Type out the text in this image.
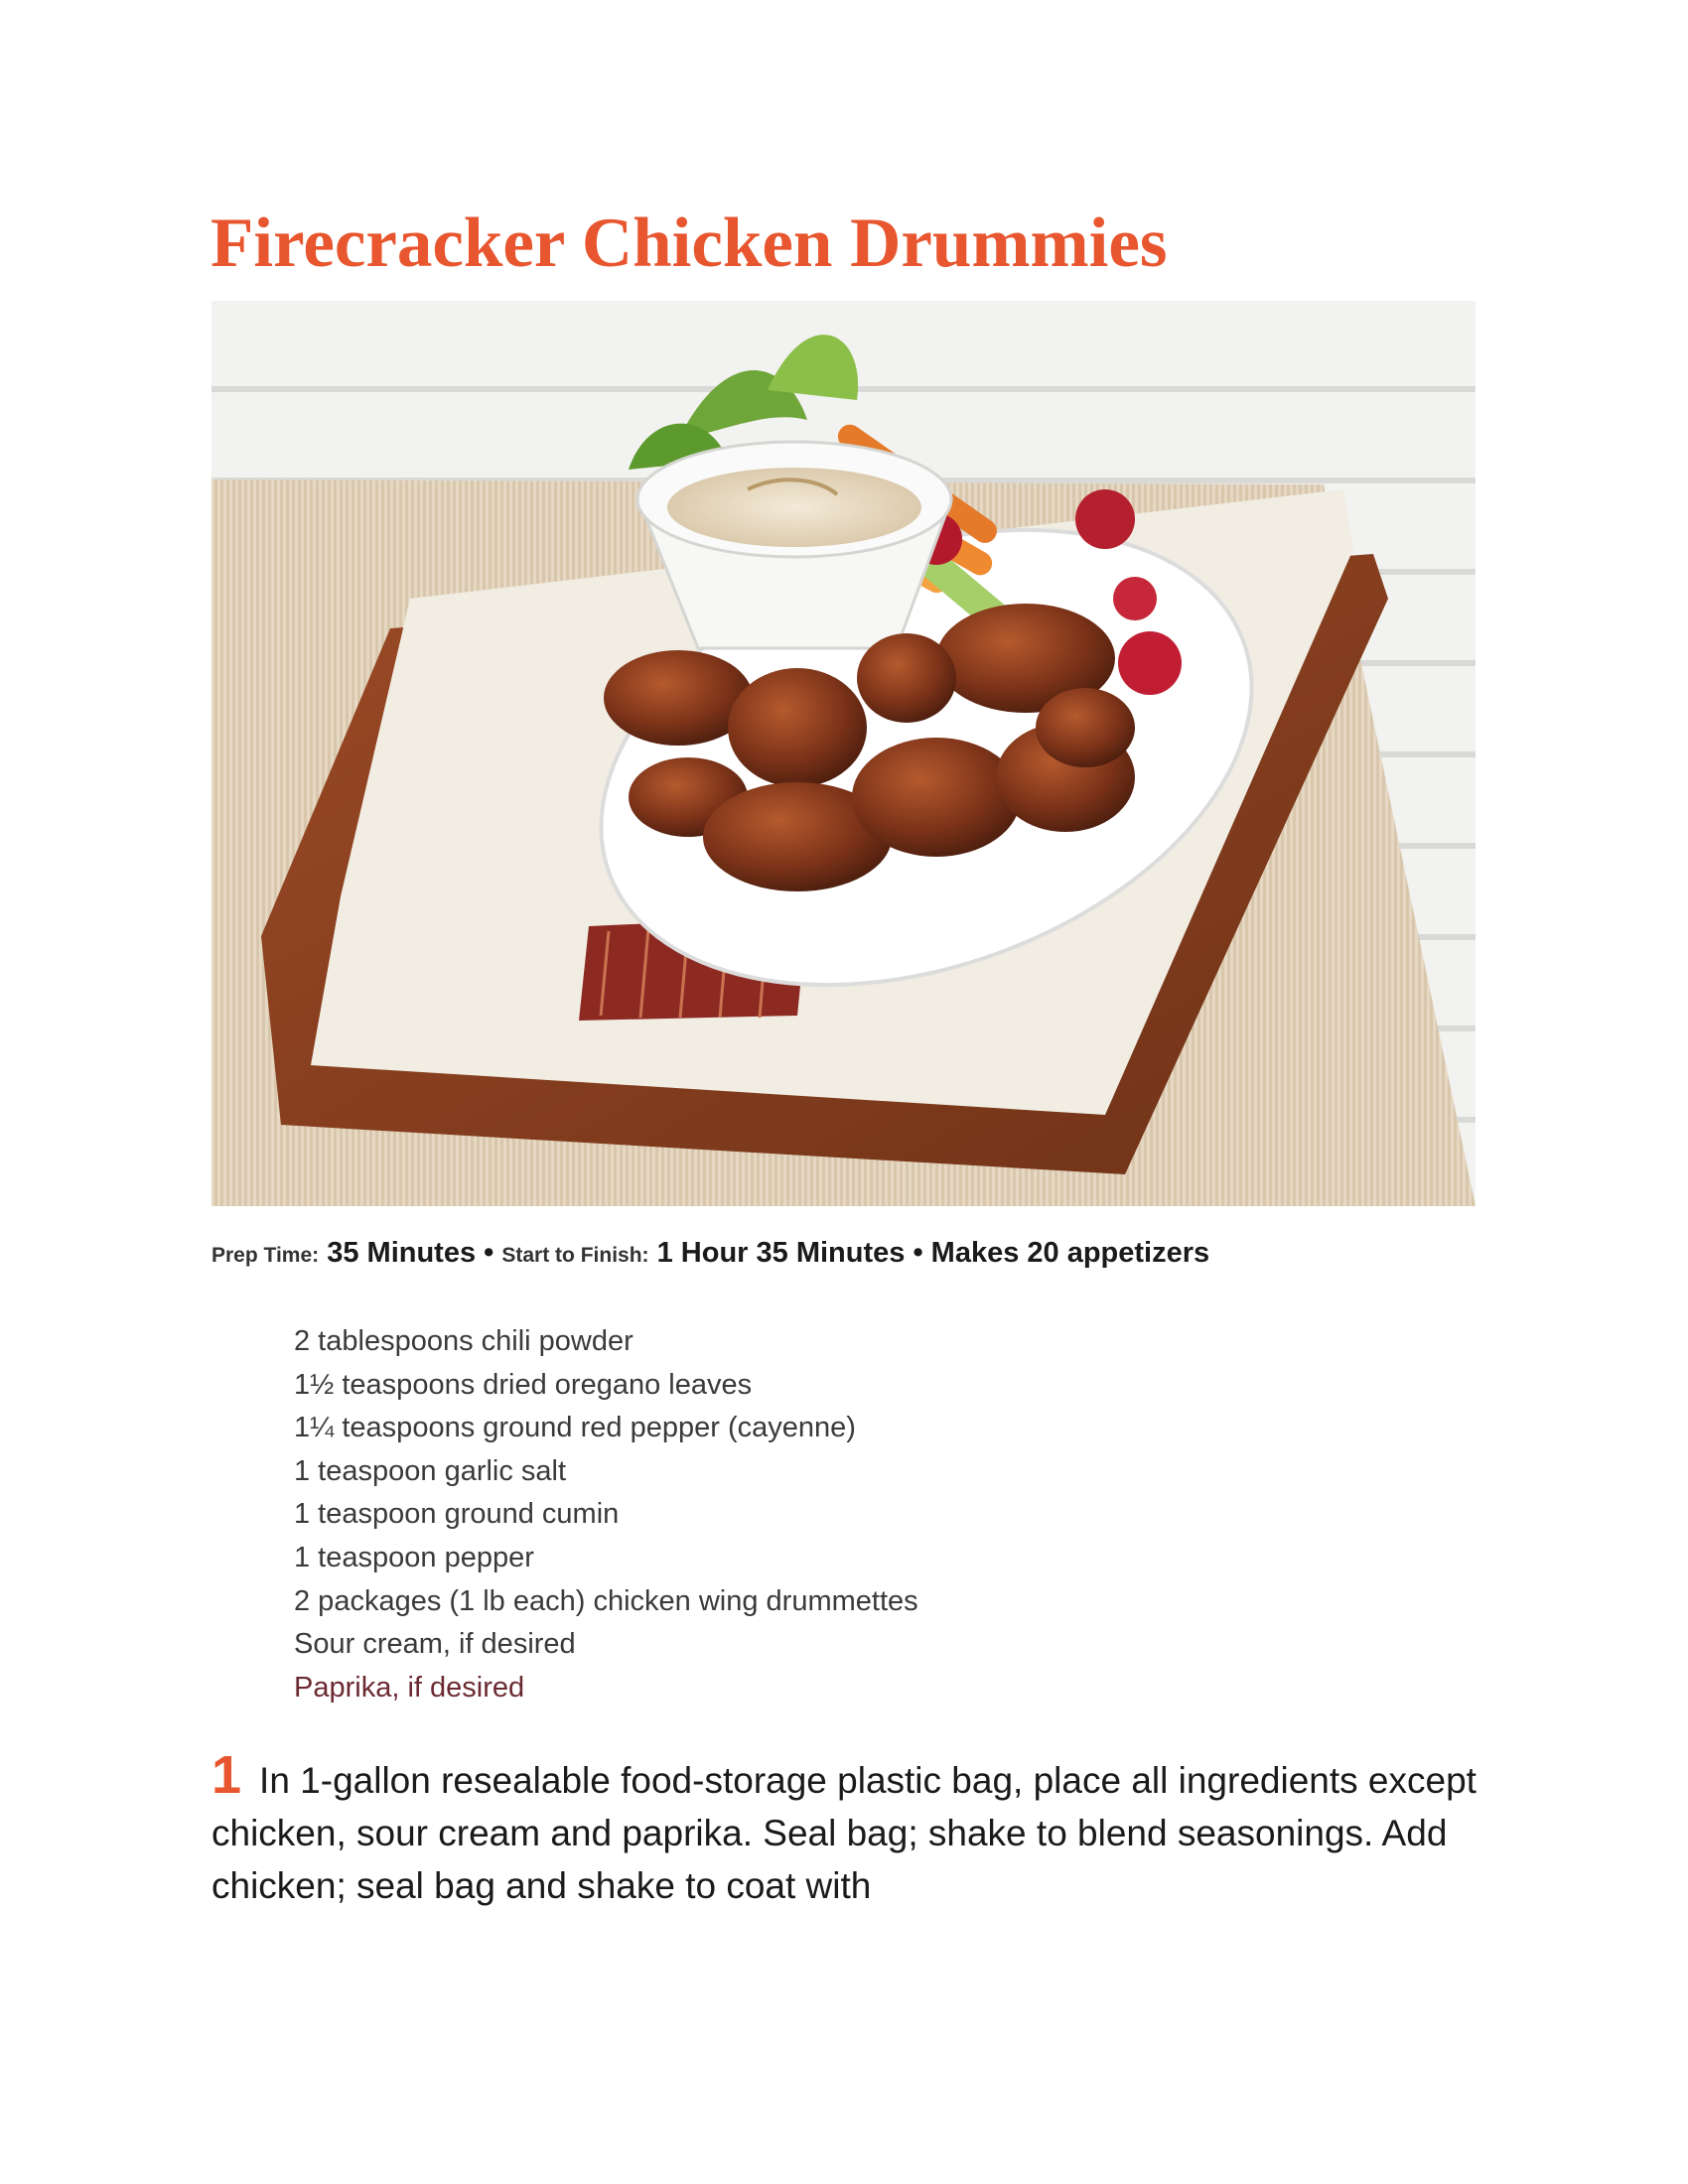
Firecracker Chicken Drummies
Prep Time: 35 Minutes • Start to Finish: 1 Hour 35 Minutes • Makes 20 appetizers
2 tablespoons chili powder
1½ teaspoons dried oregano leaves
1¼ teaspoons ground red pepper (cayenne)
1 teaspoon garlic salt
1 teaspoon ground cumin
1 teaspoon pepper
2 packages (1 lb each) chicken wing drummettes
Sour cream, if desired
Paprika, if desired

1 In 1-gallon resealable food-storage plastic bag, place all ingredients except chicken, sour cream and paprika. Seal bag; shake to blend seasonings. Add chicken; seal bag and shake to coat with
